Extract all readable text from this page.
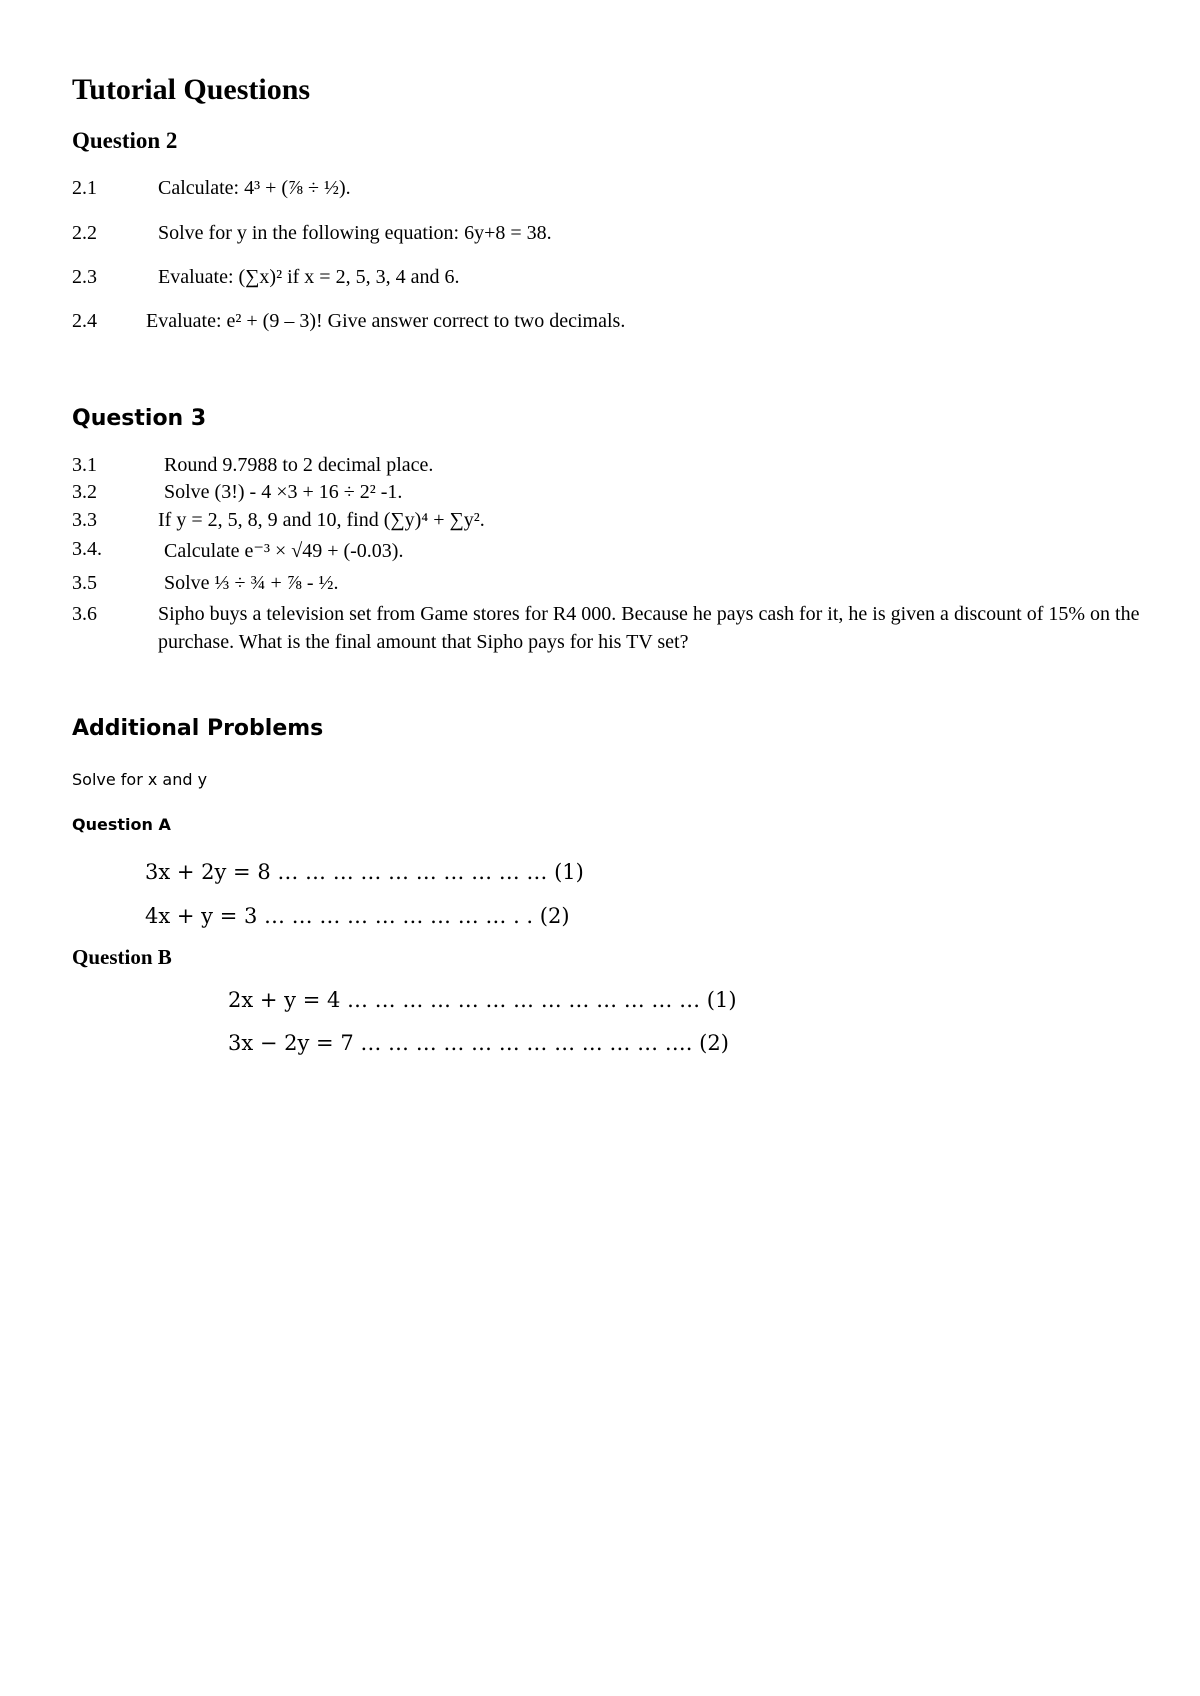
Tutorial Questions
Question 2
2.1	Calculate: 4³ + (⅞ ÷ ½).
2.2	Solve for y in the following equation: 6y+8 = 38.
2.3	Evaluate: (∑x)² if x = 2, 5, 3, 4 and 6.
2.4 Evaluate: e² + (9 – 3)! Give answer correct to two decimals.
Question 3
3.1	Round 9.7988 to 2 decimal place.
3.2	Solve (3!) - 4 ×3 + 16 ÷ 2² -1.
3.3	If y = 2, 5, 8, 9 and 10, find (∑y)⁴ + ∑y².
3.4.	Calculate e⁻³ × √49 + (-0.03).
3.5	Solve ⅓ ÷ ¾ + ⅞ - ½.
3.6	Sipho buys a television set from Game stores for R4 000. Because he pays cash for it, he is given a discount of 15% on the purchase. What is the final amount that Sipho pays for his TV set?
Additional Problems
Solve for x and y
Question A
3x + 2y = 8 … … … … … … … … … … (1)
4x + y = 3 … … … … … … … … … . . (2)
Question B
2x + y = 4 … … … … … … … … … … … … … (1)
3x − 2y = 7 … … … … … … … … … … … …. (2)
